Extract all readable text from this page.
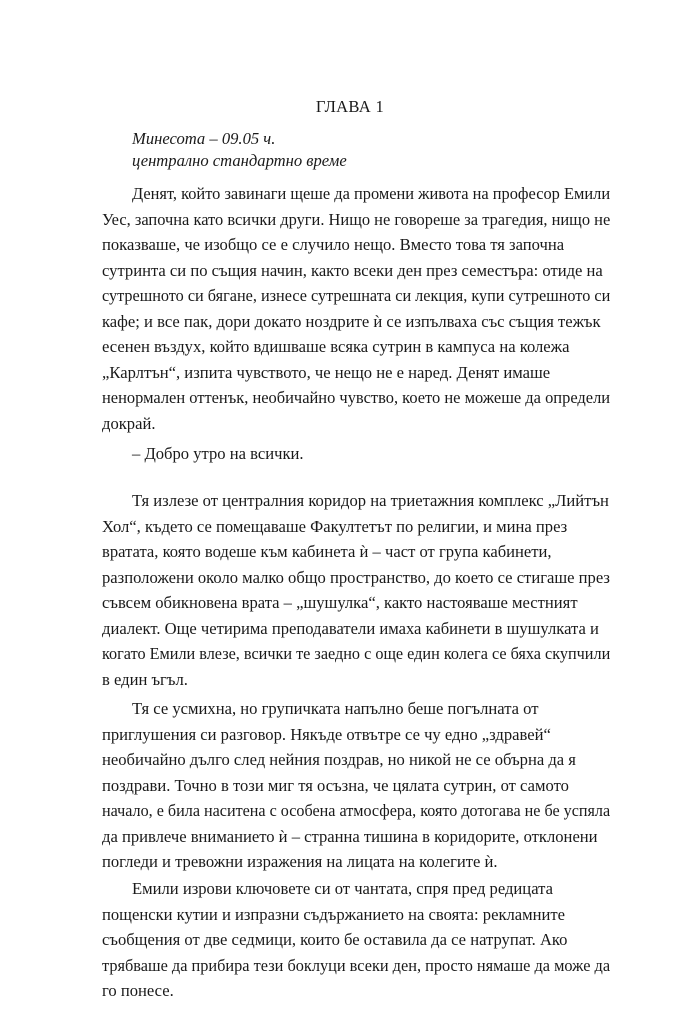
ГЛАВА 1
Минесота – 09.05 ч.
централно стандартно време
Денят, който завинаги щеше да промени живота на професор Емили
Уес, започна като всички други. Нищо не говореше за трагедия, нищо не
показваше, че изобщо се е случило нещо. Вместо това тя започна
сутринта си по същия начин, както всеки ден през семестъра: отиде на
сутрешното си бягане, изнесе сутрешната си лекция, купи сутрешното си
кафе; и все пак, дори докато ноздрите ѝ се изпълваха със същия тежък
есенен въздух, който вдишваше всяка сутрин в кампуса на колежа
„Карлтън“, изпита чувството, че нещо не е наред. Денят имаше
ненормален оттенък, необичайно чувство, което не можеше да определи
докрай.
– Добро утро на всички.
Тя излезе от централния коридор на триетажния комплекс „Лийтън
Хол“, където се помещаваше Факултетът по религии, и мина през
вратата, която водеше към кабинета ѝ – част от група кабинети,
разположени около малко общо пространство, до което се стигаше през
съвсем обикновена врата – „шушулка“, както настояваше местният
диалект. Още четирима преподаватели имаха кабинети в шушулката и
когато Емили влезе, всички те заедно с още един колега се бяха скупчили
в един ъгъл.
Тя се усмихна, но групичката напълно беше погълната от
приглушения си разговор. Някъде отвътре се чу едно „здравей“
необичайно дълго след нейния поздрав, но никой не се обърна да я
поздрави. Точно в този миг тя осъзна, че цялата сутрин, от самото
начало, е била наситена с особена атмосфера, която дотогава не бе успяла
да привлече вниманието ѝ – странна тишина в коридорите, отклонени
погледи и тревожни изражения на лицата на колегите ѝ.
Емили изрови ключовете си от чантата, спря пред редицата
пощенски кутии и изпразни съдържанието на своята: рекламните
съобщения от две седмици, които бе оставила да се натрупат. Ако
трябваше да прибира тези боклуци всеки ден, просто нямаше да може да
го понесе.
